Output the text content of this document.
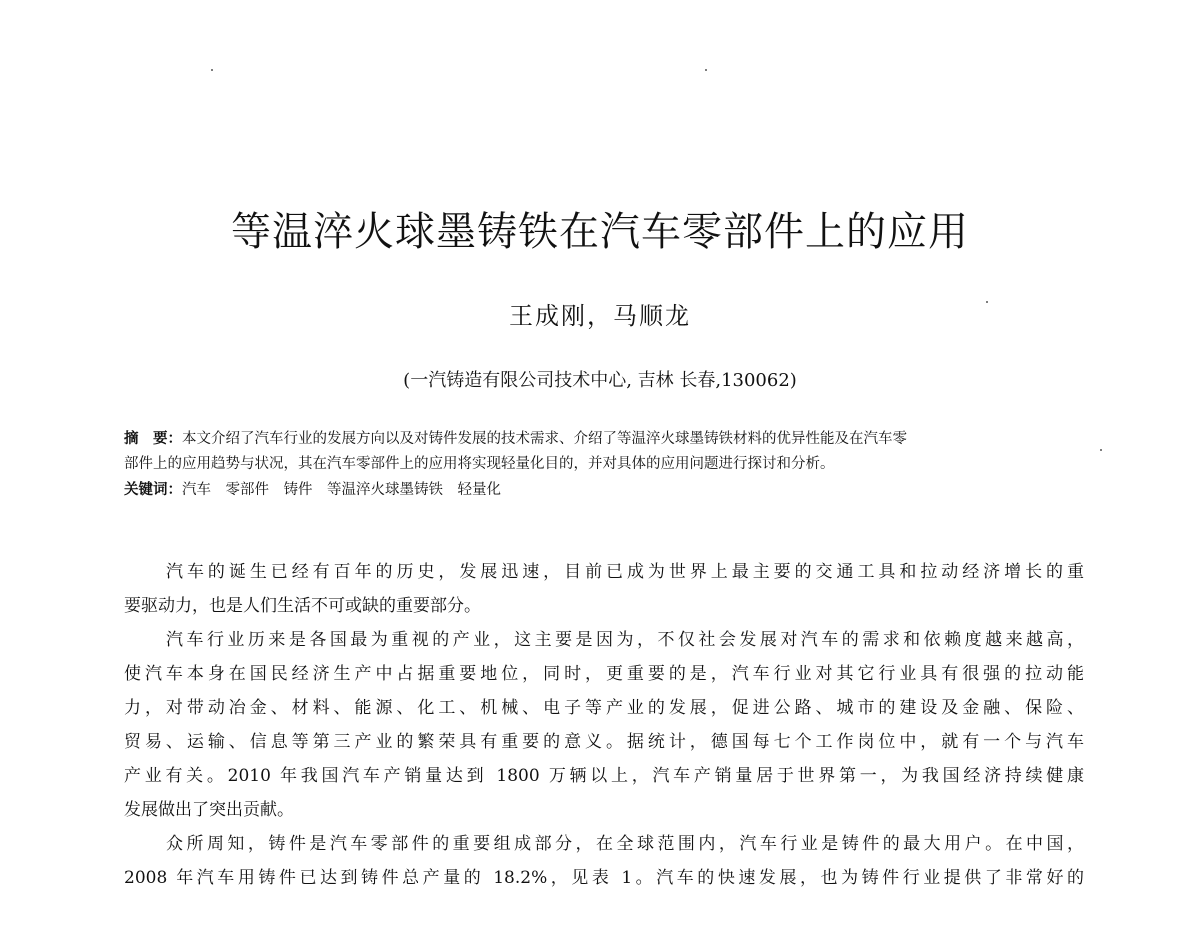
等温淬火球墨铸铁在汽车零部件上的应用
王成刚，马顺龙
(一汽铸造有限公司技术中心, 吉林 长春,130062)
摘　要：本文介绍了汽车行业的发展方向以及对铸件发展的技术需求、介绍了等温淬火球墨铸铁材料的优异性能及在汽车零
部件上的应用趋势与状况，其在汽车零部件上的应用将实现轻量化目的，并对具体的应用问题进行探讨和分析。
关键词：汽车　零部件　铸件　等温淬火球墨铸铁　轻量化

汽车的诞生已经有百年的历史，发展迅速，目前已成为世界上最主要的交通工具和拉动经济增长的重
要驱动力，也是人们生活不可或缺的重要部分。

汽车行业历来是各国最为重视的产业，这主要是因为，不仅社会发展对汽车的需求和依赖度越来越高，
使汽车本身在国民经济生产中占据重要地位，同时，更重要的是，汽车行业对其它行业具有很强的拉动能
力，对带动冶金、材料、能源、化工、机械、电子等产业的发展，促进公路、城市的建设及金融、保险、
贸易、运输、信息等第三产业的繁荣具有重要的意义。据统计，德国每七个工作岗位中，就有一个与汽车
产业有关。2010 年我国汽车产销量达到 1800 万辆以上，汽车产销量居于世界第一，为我国经济持续健康
发展做出了突出贡献。

众所周知，铸件是汽车零部件的重要组成部分，在全球范围内，汽车行业是铸件的最大用户。在中国，
2008 年汽车用铸件已达到铸件总产量的 18.2%，见表 1。汽车的快速发展，也为铸件行业提供了非常好的
